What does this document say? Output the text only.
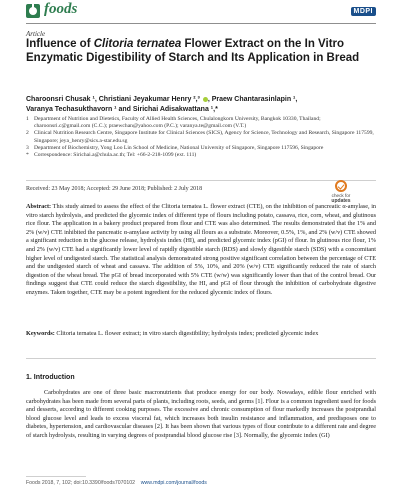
foods	MDPI
Article
Influence of Clitoria ternatea Flower Extract on the In Vitro Enzymatic Digestibility of Starch and Its Application in Bread
Charoonsri Chusak ¹, Christiani Jeyakumar Henry ²,³ , Praew Chantarasinlapin ¹,
Varanya Techasukthavorn ¹ and Sirichai Adisakwattana ¹,*
1 Department of Nutrition and Dietetics, Faculty of Allied Health Sciences, Chulalongkorn University, Bangkok 10330, Thailand; charoonsri.c@gmail.com (C.C.); praewchan@yahoo.com (P.C.); varanya.te@gmail.com (V.T.)
2 Clinical Nutrition Research Centre, Singapore Institute for Clinical Sciences (SICS), Agency for Science, Technology and Research, Singapore 117599, Singapore; jeya_henry@sics.a-star.edu.sg
3 Department of Biochemistry, Yong Loo Lin School of Medicine, National University of Singapore, Singapore 117596, Singapore
* Correspondence: Sirichai.a@chula.ac.th; Tel: +66-2-218-1099 (ext. 111)
Received: 23 May 2018; Accepted: 29 June 2018; Published: 2 July 2018
check for
updates
Abstract: This study aimed to assess the effect of the Clitoria ternatea L. flower extract (CTE), on the inhibition of pancreatic α-amylase, in vitro starch hydrolysis, and predicted the glycemic index of different type of flours including potato, cassava, rice, corn, wheat, and glutinous rice flour. The application in a bakery product prepared from flour and CTE was also determined. The results demonstrated that the 1% and 2% (w/v) CTE inhibited the pancreatic α-amylase activity by using all flours as a substrate. Moreover, 0.5%, 1%, and 2% (w/v) CTE showed a significant reduction in the glucose release, hydrolysis index (HI), and predicted glycemic index (pGI) of flour. In glutinous rice flour, 1% and 2% (w/v) CTE had a significantly lower level of rapidly digestible starch (RDS) and slowly digestible starch (SDS) with a concomitant higher level of undigested starch. The statistical analysis demonstrated strong positive significant correlation between the percentage of CTE and the undigested starch of wheat and cassava. The addition of 5%, 10%, and 20% (w/v) CTE significantly reduced the rate of starch digestion of the wheat bread. The pGI of bread incorporated with 5% CTE (w/w) was significantly lower than that of the control bread. Our findings suggest that CTE could reduce the starch digestibility, the HI, and pGI of flour through the inhibition of carbohydrate digestive enzymes. Taken together, CTE may be a potent ingredient for the reduced glycemic index of flours.
Keywords: Clitoria ternatea L. flower extract; in vitro starch digestibility; hydrolysis index; predicted glycemic index
1. Introduction
Carbohydrates are one of three basic macronutrients that produce energy for our body. Nowadays, edible flour enriched with carbohydrates has been made from several parts of plants, including roots, seeds, and germs [1]. Flour is a common ingredient used for foods and desserts, according to different cooking purposes. The excessive and chronic consumption of flour markedly increases the postprandial blood glucose level and leads to excess visceral fat, which increases both insulin resistance and inflammation, and predisposes one to diabetes, hypertension, and cardiovascular diseases [2]. It has been shown that various types of flour contribute to a different rate and degree of starch hydrolysis, resulting in varying degrees of postprandial blood glucose rise [3]. Normally, the glycemic index (GI)
Foods 2018, 7, 102; doi:10.3390/foods7070102 www.mdpi.com/journal/foods
